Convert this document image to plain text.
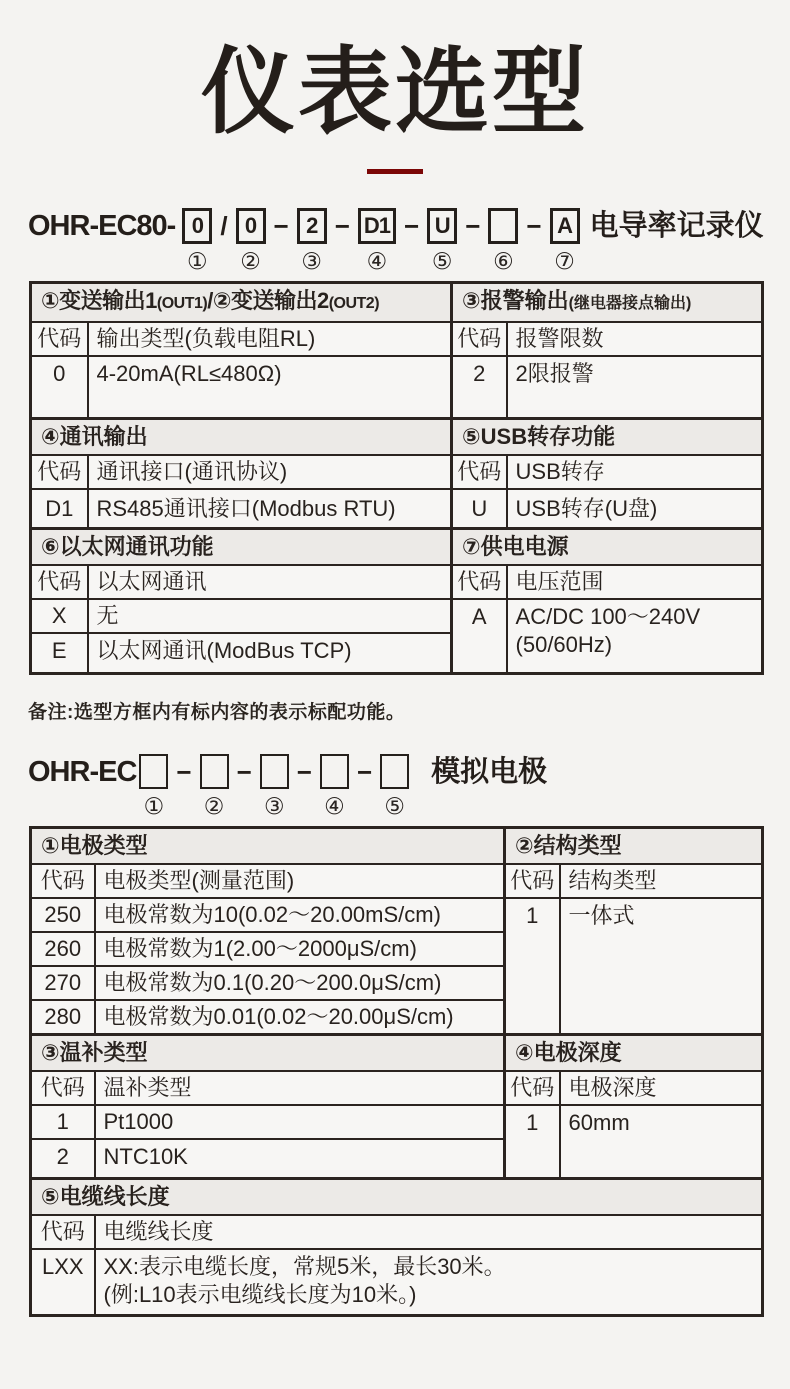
仪表选型
OHR-EC80- 0
①
/ 0
②
− 2
③
− D1
④
− U
⑤
−
⑥
− A
⑦
电导率记录仪
①变送输出1(OUT1)/②变送输出2(OUT2)		③报警输出(继电器接点输出)	
代码	输出类型(负载电阻RL)	代码	报警限数
0	4-20mA(RL≤480Ω)	2	2限报警
④通讯输出		⑤USB转存功能	
代码	通讯接口(通讯协议)	代码	USB转存
D1	RS485通讯接口(Modbus RTU)	U	USB转存(U盘)
⑥以太网通讯功能		⑦供电电源	
代码	以太网通讯	代码	电压范围
X	无	A	AC/DC 100～240V
(50/60Hz)

E	以太网通讯(ModBus TCP)		

备注:选型方框内有标内容的表示标配功能。

OHR-EC
①
−
②
−
③
−
④
−
⑤
模拟电极
①电极类型		②结构类型	
代码	电极类型(测量范围)	代码	结构类型
250	电极常数为10(0.02～20.00mS/cm)	1	一体式
260	电极常数为1(2.00～2000μS/cm)		
270	电极常数为0.1(0.20～200.0μS/cm)		
280	电极常数为0.01(0.02～20.00μS/cm)		
③温补类型		④电极深度	
代码	温补类型	代码	电极深度
1	Pt1000	1	60mm
2	NTC10K		
⑤电缆线长度	
代码	电缆线长度
LXX	XX:表示电缆长度，常规5米，最长30米。
(例:L10表示电缆线长度为10米。)
